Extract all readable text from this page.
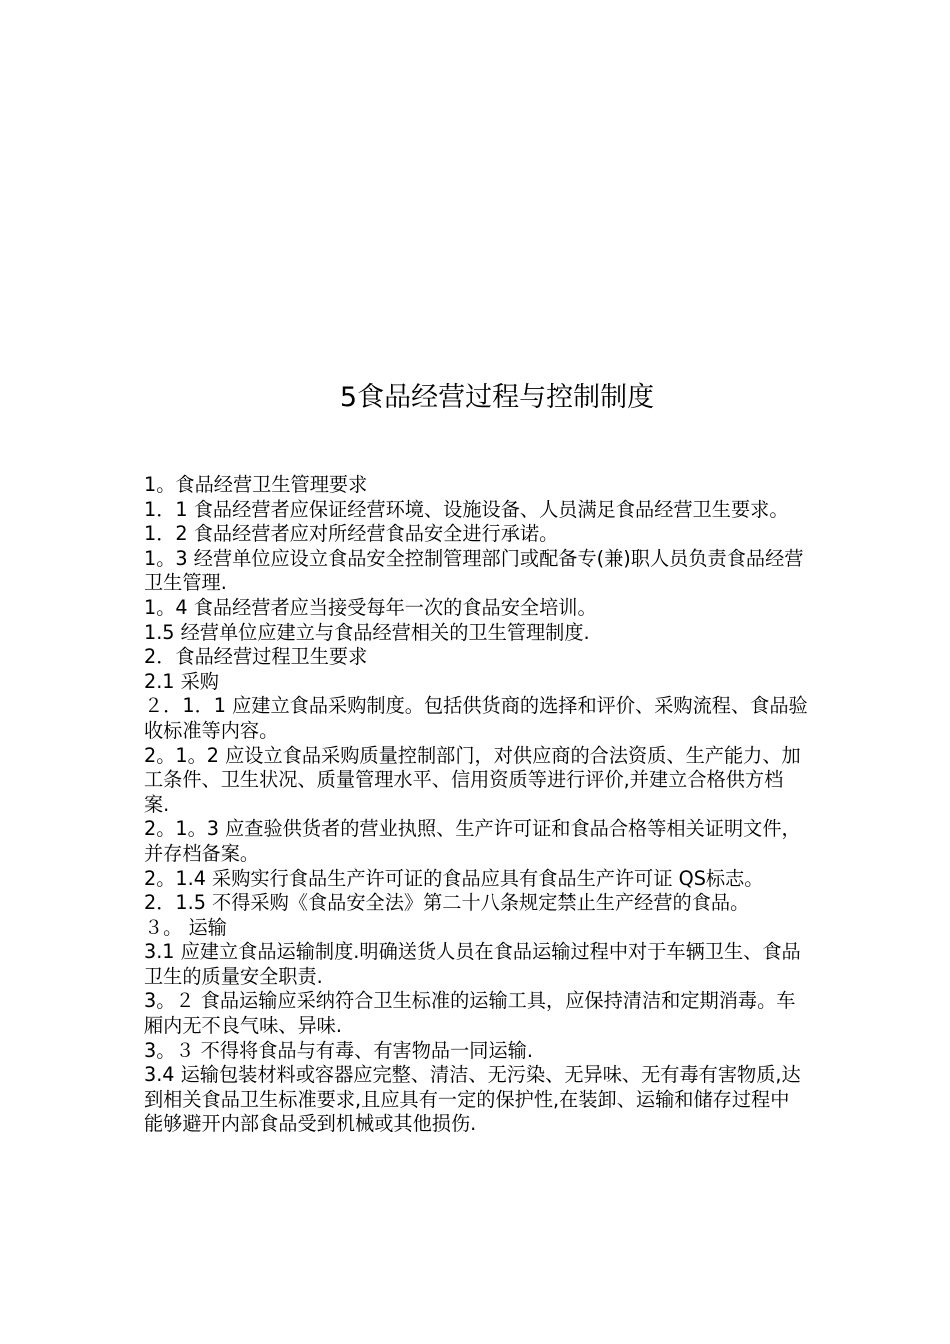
5食品经营过程与控制制度

1。食品经营卫生管理要求

1．1 食品经营者应保证经营环境、设施设备、人员满足食品经营卫生要求。

1．2 食品经营者应对所经营食品安全进行承诺。

1。3 经营单位应设立食品安全控制管理部门或配备专(兼)职人员负责食品经营卫生管理.

1。4 食品经营者应当接受每年一次的食品安全培训。

1.5 经营单位应建立与食品经营相关的卫生管理制度.

2．食品经营过程卫生要求

2.1 采购

２．1．1 应建立食品采购制度。包括供货商的选择和评价、采购流程、食品验收标准等内容。

2。1。2 应设立食品采购质量控制部门，对供应商的合法资质、生产能力、加工条件、卫生状况、质量管理水平、信用资质等进行评价,并建立合格供方档案.

2。1。3 应查验供货者的营业执照、生产许可证和食品合格等相关证明文件，并存档备案。

2。1.4 采购实行食品生产许可证的食品应具有食品生产许可证 QS标志。

2．1.5 不得采购《食品安全法》第二十八条规定禁止生产经营的食品。

３。 运输

3.1 应建立食品运输制度.明确送货人员在食品运输过程中对于车辆卫生、食品卫生的质量安全职责.

3。２ 食品运输应采纳符合卫生标准的运输工具，应保持清洁和定期消毒。车厢内无不良气味、异味.

3。３ 不得将食品与有毒、有害物品一同运输.

3.4 运输包装材料或容器应完整、清洁、无污染、无异味、无有毒有害物质,达到相关食品卫生标准要求,且应具有一定的保护性,在装卸、运输和储存过程中能够避开内部食品受到机械或其他损伤.
